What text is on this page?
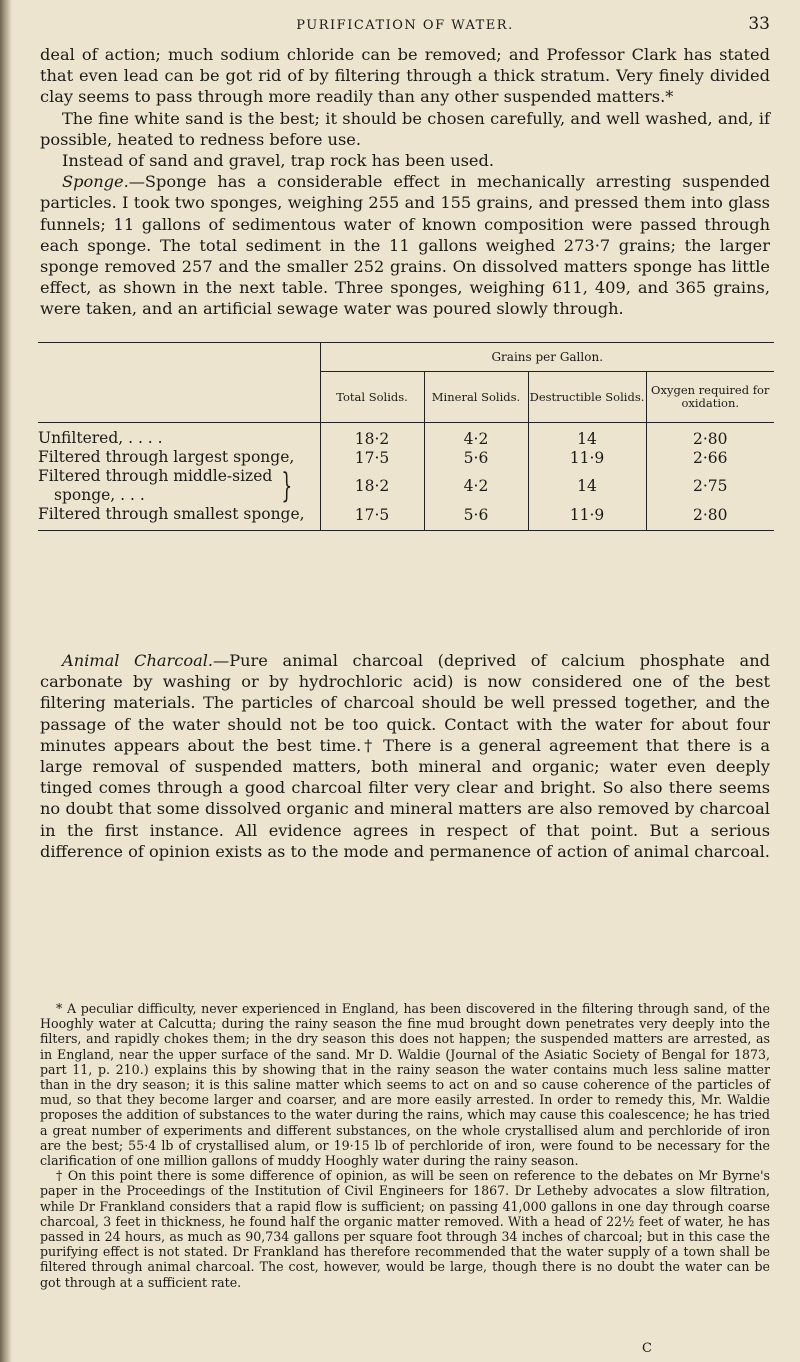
PURIFICATION OF WATER.	33

deal of action; much sodium chloride can be removed; and Professor Clark has stated that even lead can be got rid of by filtering through a thick stratum. Very finely divided clay seems to pass through more readily than any other suspended matters.*

The fine white sand is the best; it should be chosen carefully, and well washed, and, if possible, heated to redness before use.

Instead of sand and gravel, trap rock has been used.

Sponge.—Sponge has a considerable effect in mechanically arresting suspended particles. I took two sponges, weighing 255 and 155 grains, and pressed them into glass funnels; 11 gallons of sedimentous water of known composition were passed through each sponge. The total sediment in the 11 gallons weighed 273·7 grains; the larger sponge removed 257 and the smaller 252 grains. On dissolved matters sponge has little effect, as shown in the next table. Three sponges, weighing 611, 409, and 365 grains, were taken, and an artificial sewage water was poured slowly through.

	Grains per Gallon.			
	Total Solids.	Mineral Solids.	Destructible Solids.	Oxygen required for oxidation.
Unfiltered, . . . .	18·2	4·2	14	2·80
Filtered through largest sponge,	17·5	5·6	11·9	2·66

Filtered through middle-sized
sponge, . . . }	18·2	4·2	14	2·75
Filtered through smallest sponge,	17·5	5·6	11·9	2·80

Animal Charcoal.—Pure animal charcoal (deprived of calcium phosphate and carbonate by washing or by hydrochloric acid) is now considered one of the best filtering materials. The particles of charcoal should be well pressed together, and the passage of the water should not be too quick. Contact with the water for about four minutes appears about the best time.† There is a general agreement that there is a large removal of suspended matters, both mineral and organic; water even deeply tinged comes through a good charcoal filter very clear and bright. So also there seems no doubt that some dissolved organic and mineral matters are also removed by charcoal in the first instance. All evidence agrees in respect of that point. But a serious difference of opinion exists as to the mode and permanence of action of animal charcoal.

* A peculiar difficulty, never experienced in England, has been discovered in the filtering through sand, of the Hooghly water at Calcutta; during the rainy season the fine mud brought down penetrates very deeply into the filters, and rapidly chokes them; in the dry season this does not happen; the suspended matters are arrested, as in England, near the upper surface of the sand. Mr D. Waldie (Journal of the Asiatic Society of Bengal for 1873, part 11, p. 210.) explains this by showing that in the rainy season the water contains much less saline matter than in the dry season; it is this saline matter which seems to act on and so cause coherence of the particles of mud, so that they become larger and coarser, and are more easily arrested. In order to remedy this, Mr. Waldie proposes the addition of substances to the water during the rains, which may cause this coalescence; he has tried a great number of experiments and different substances, on the whole crystallised alum and perchloride of iron are the best; 55·4 lb of crystallised alum, or 19·15 lb of perchloride of iron, were found to be necessary for the clarification of one million gallons of muddy Hooghly water during the rainy season.

† On this point there is some difference of opinion, as will be seen on reference to the debates on Mr Byrne's paper in the Proceedings of the Institution of Civil Engineers for 1867. Dr Letheby advocates a slow filtration, while Dr Frankland considers that a rapid flow is sufficient; on passing 41,000 gallons in one day through coarse charcoal, 3 feet in thickness, he found half the organic matter removed. With a head of 22½ feet of water, he has passed in 24 hours, as much as 90,734 gallons per square foot through 34 inches of charcoal; but in this case the purifying effect is not stated. Dr Frankland has therefore recommended that the water supply of a town shall be filtered through animal charcoal. The cost, however, would be large, though there is no doubt the water can be got through at a sufficient rate.

C
